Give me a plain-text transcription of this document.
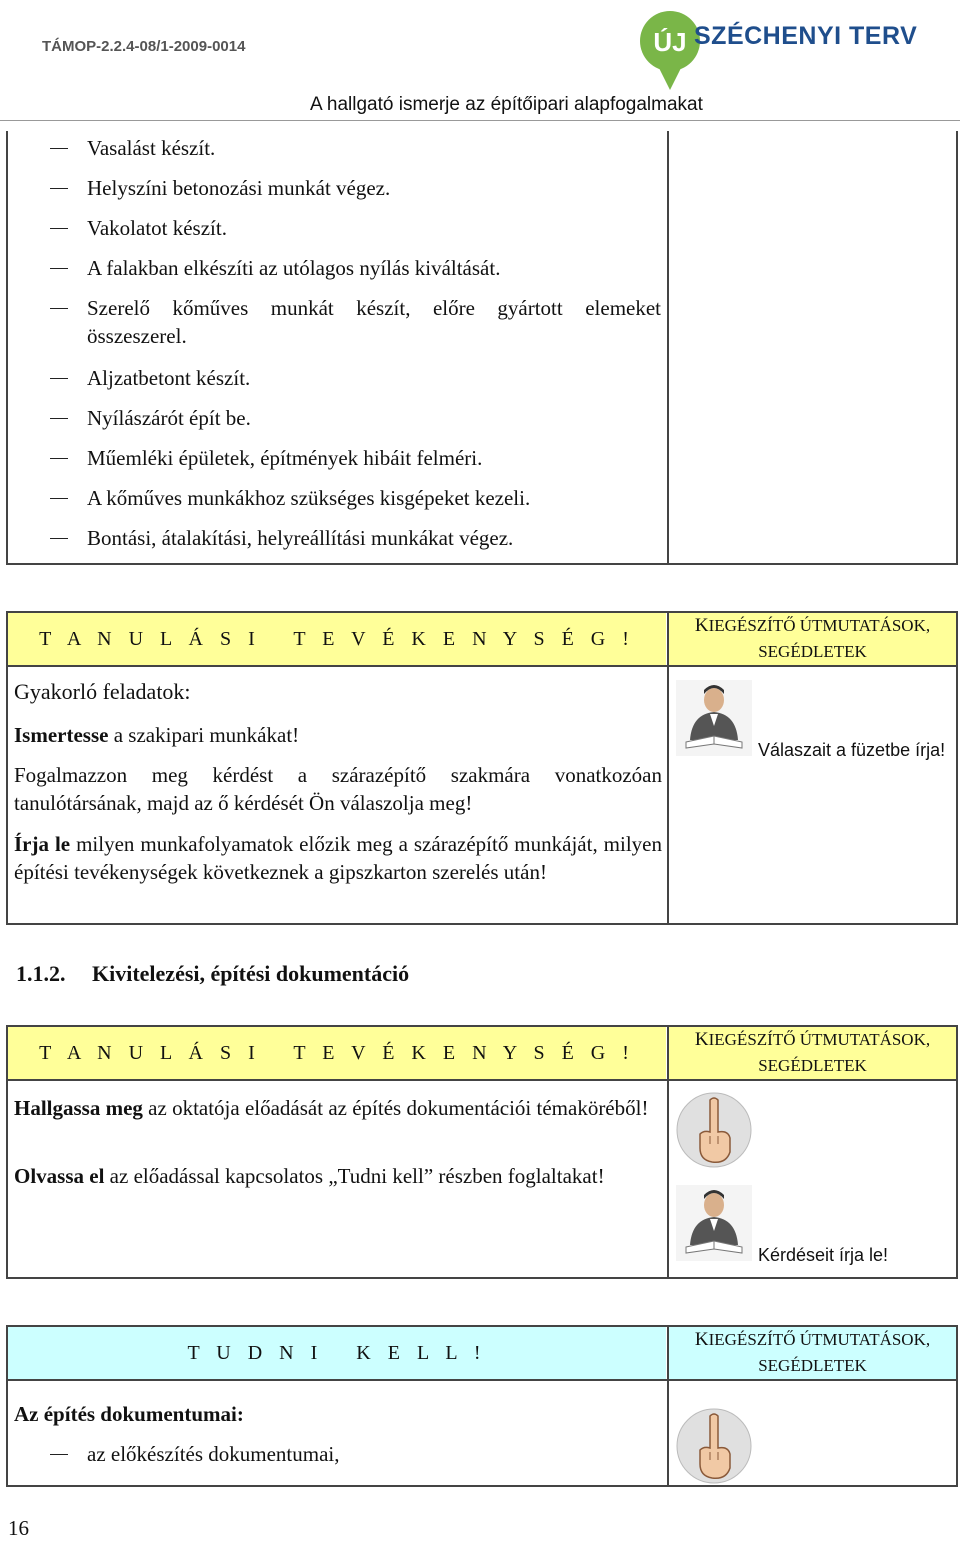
TÁMOP-2.2.4-08/1-2009-0014	ÚJ SZÉCHENYI TERV
A hallgató ismerje az építőipari alapfogalmakat
Vasalást készít.
Helyszíni betonozási munkát végez.
Vakolatot készít.
A falakban elkészíti az utólagos nyílás kiváltását.
Szerelő kőműves munkát készít, előre gyártott elemeket
összeszerel.
Aljzatbetont készít.
Nyílászárót épít be.
Műemléki épületek, építmények hibáit felméri.
A kőműves munkákhoz szükséges kisgépeket kezeli.
Bontási, átalakítási, helyreállítási munkákat végez.
T A N U L Á S I   T E V É K E N Y S É G !
KIEGÉSZÍTŐ ÚTMUTATÁSOK,
SEGÉDLETEK
Gyakorló feladatok:
Ismertesse a szakipari munkákat!
Fogalmazzon meg kérdést a szárazépítő szakmára vonatkozóan tanulótársának, majd az ő kérdését Ön válaszolja meg!
Írja le milyen munkafolyamatok előzik meg a szárazépítő munkáját, milyen építési tevékenységek következnek a gipszkarton szerelés után!
Válaszait a füzetbe írja!
1.1.2. Kivitelezési, építési dokumentáció
T A N U L Á S I   T E V É K E N Y S É G !
KIEGÉSZÍTŐ ÚTMUTATÁSOK,
SEGÉDLETEK
Hallgassa meg az oktatója előadását az építés dokumentációi témaköréből!
Olvassa el az előadással kapcsolatos „Tudni kell” részben foglaltakat!
Kérdéseit írja le!
T U D N I   K E L L !
KIEGÉSZÍTŐ ÚTMUTATÁSOK,
SEGÉDLETEK
Az építés dokumentumai:
az előkészítés dokumentumai,
16
